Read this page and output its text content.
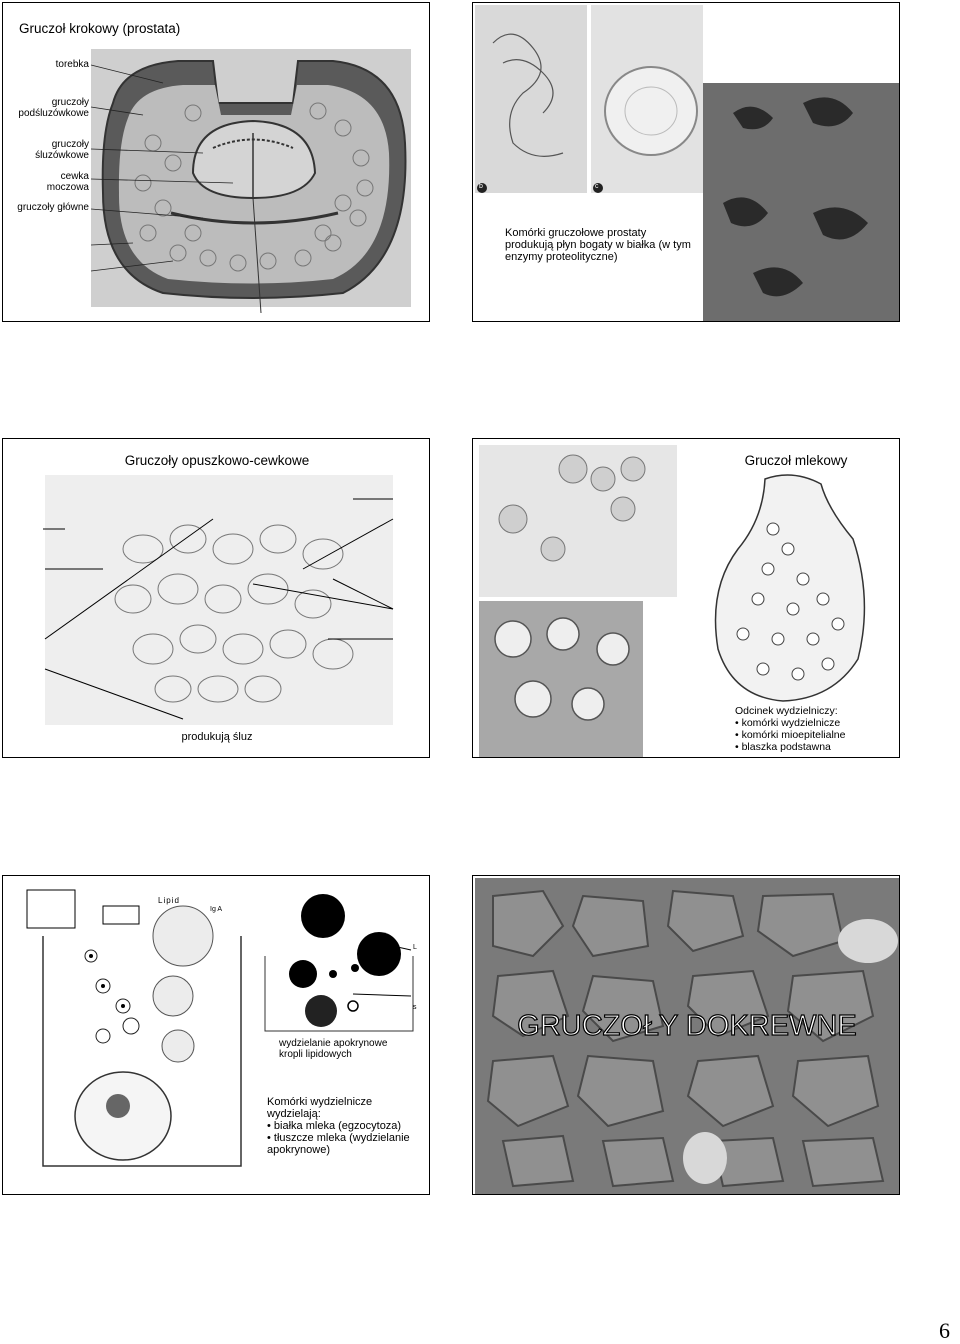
Gruczoł krokowy (prostata)
torebka
gruczoły podśluzówkowe
gruczoły śluzówkowe
cewka moczowa
gruczoły główne
b	c
Komórki gruczołowe prostaty produkują płyn bogaty w białka (w tym enzymy proteolityczne)
Gruczoły opuszkowo-cewkowe
produkują śluz
Gruczoł mlekowy
Odcinek wydzielniczy:
• komórki wydzielnicze
• komórki mioepitelialne
• blaszka podstawna
Lipid
Ig A
L
s
wydzielanie apokrynowe kropli lipidowych
Komórki wydzielnicze wydzielają:
• białka mleka (egzocytoza)
• tłuszcze mleka (wydzielanie apokrynowe)
GRUCZOŁY DOKREWNE
6
